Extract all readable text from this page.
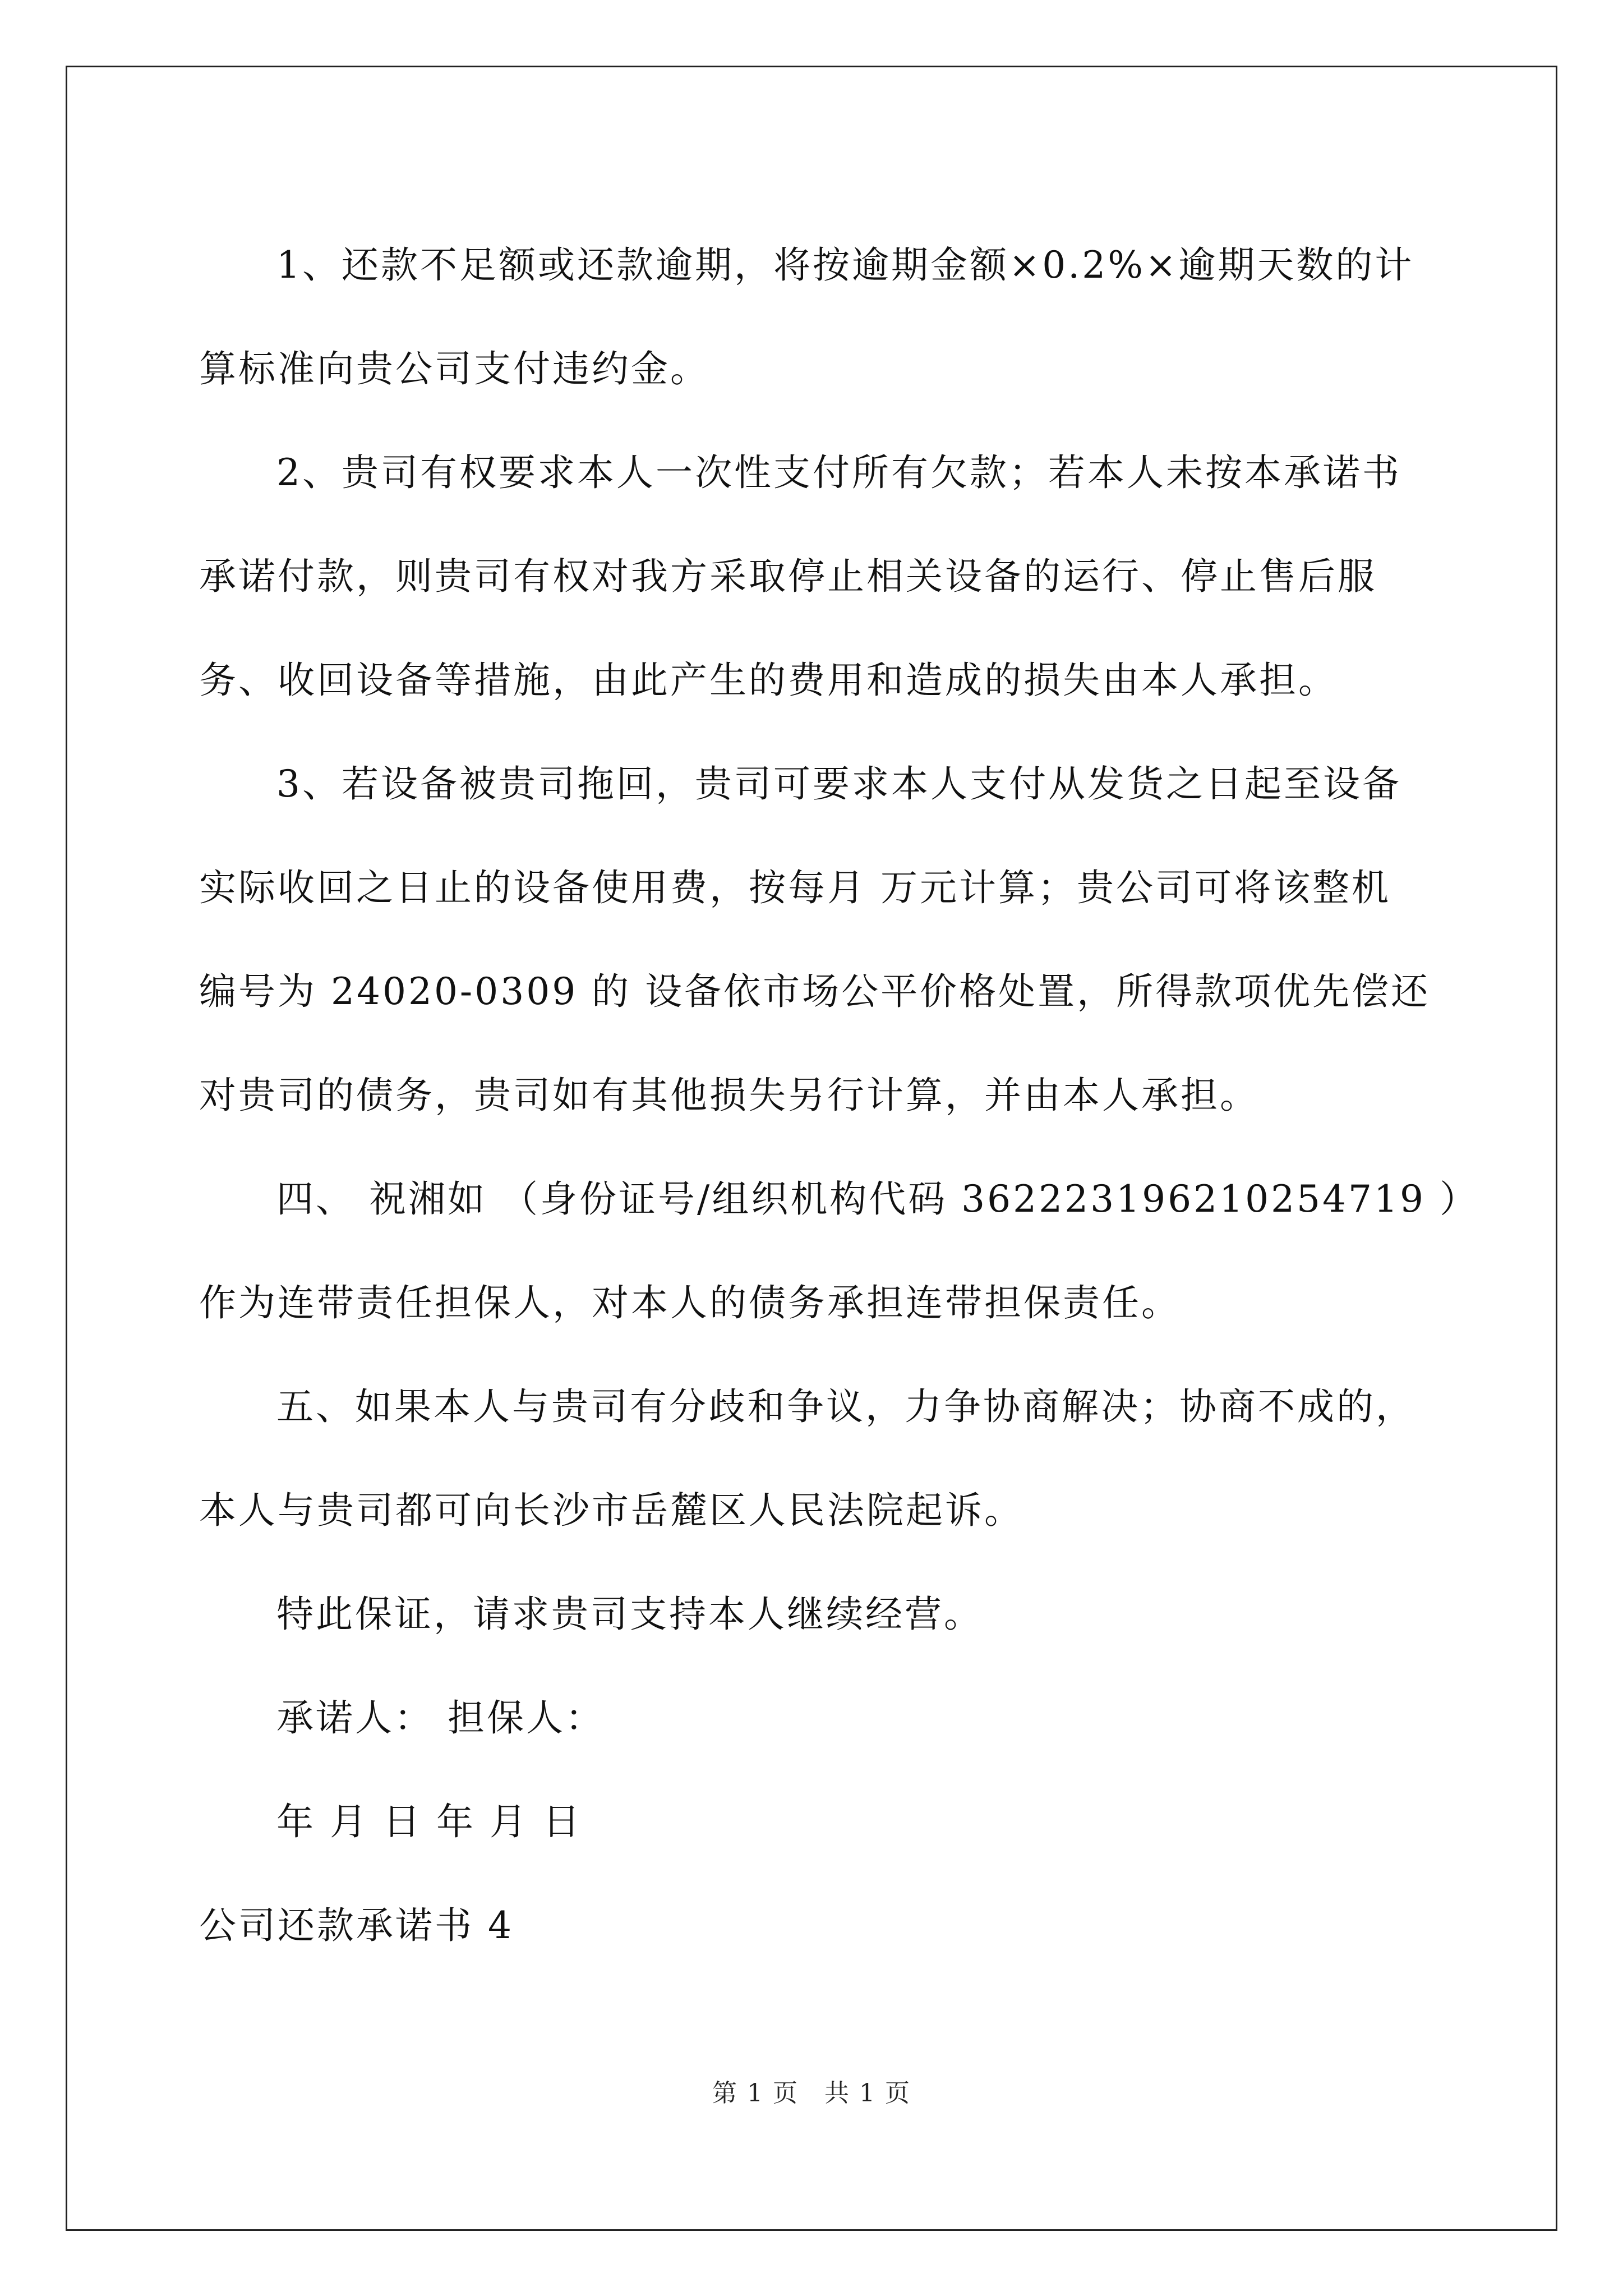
1、还款不足额或还款逾期，将按逾期金额×0.2%×逾期天数的计
算标准向贵公司支付违约金。
2、贵司有权要求本人一次性支付所有欠款；若本人未按本承诺书
承诺付款，则贵司有权对我方采取停止相关设备的运行、停止售后服
务、收回设备等措施，由此产生的费用和造成的损失由本人承担。
3、若设备被贵司拖回，贵司可要求本人支付从发货之日起至设备
实际收回之日止的设备使用费，按每月 万元计算；贵公司可将该整机
编号为 24020-0309 的 设备依市场公平价格处置，所得款项优先偿还
对贵司的债务，贵司如有其他损失另行计算，并由本人承担。
四、 祝湘如 （身份证号/组织机构代码 362223196210254719 ）
作为连带责任担保人，对本人的债务承担连带担保责任。
五、如果本人与贵司有分歧和争议，力争协商解决；协商不成的，
本人与贵司都可向长沙市岳麓区人民法院起诉。
特此保证，请求贵司支持本人继续经营。
承诺人： 担保人：
年 月 日 年 月 日
公司还款承诺书 4
第 1 页　共 1 页
